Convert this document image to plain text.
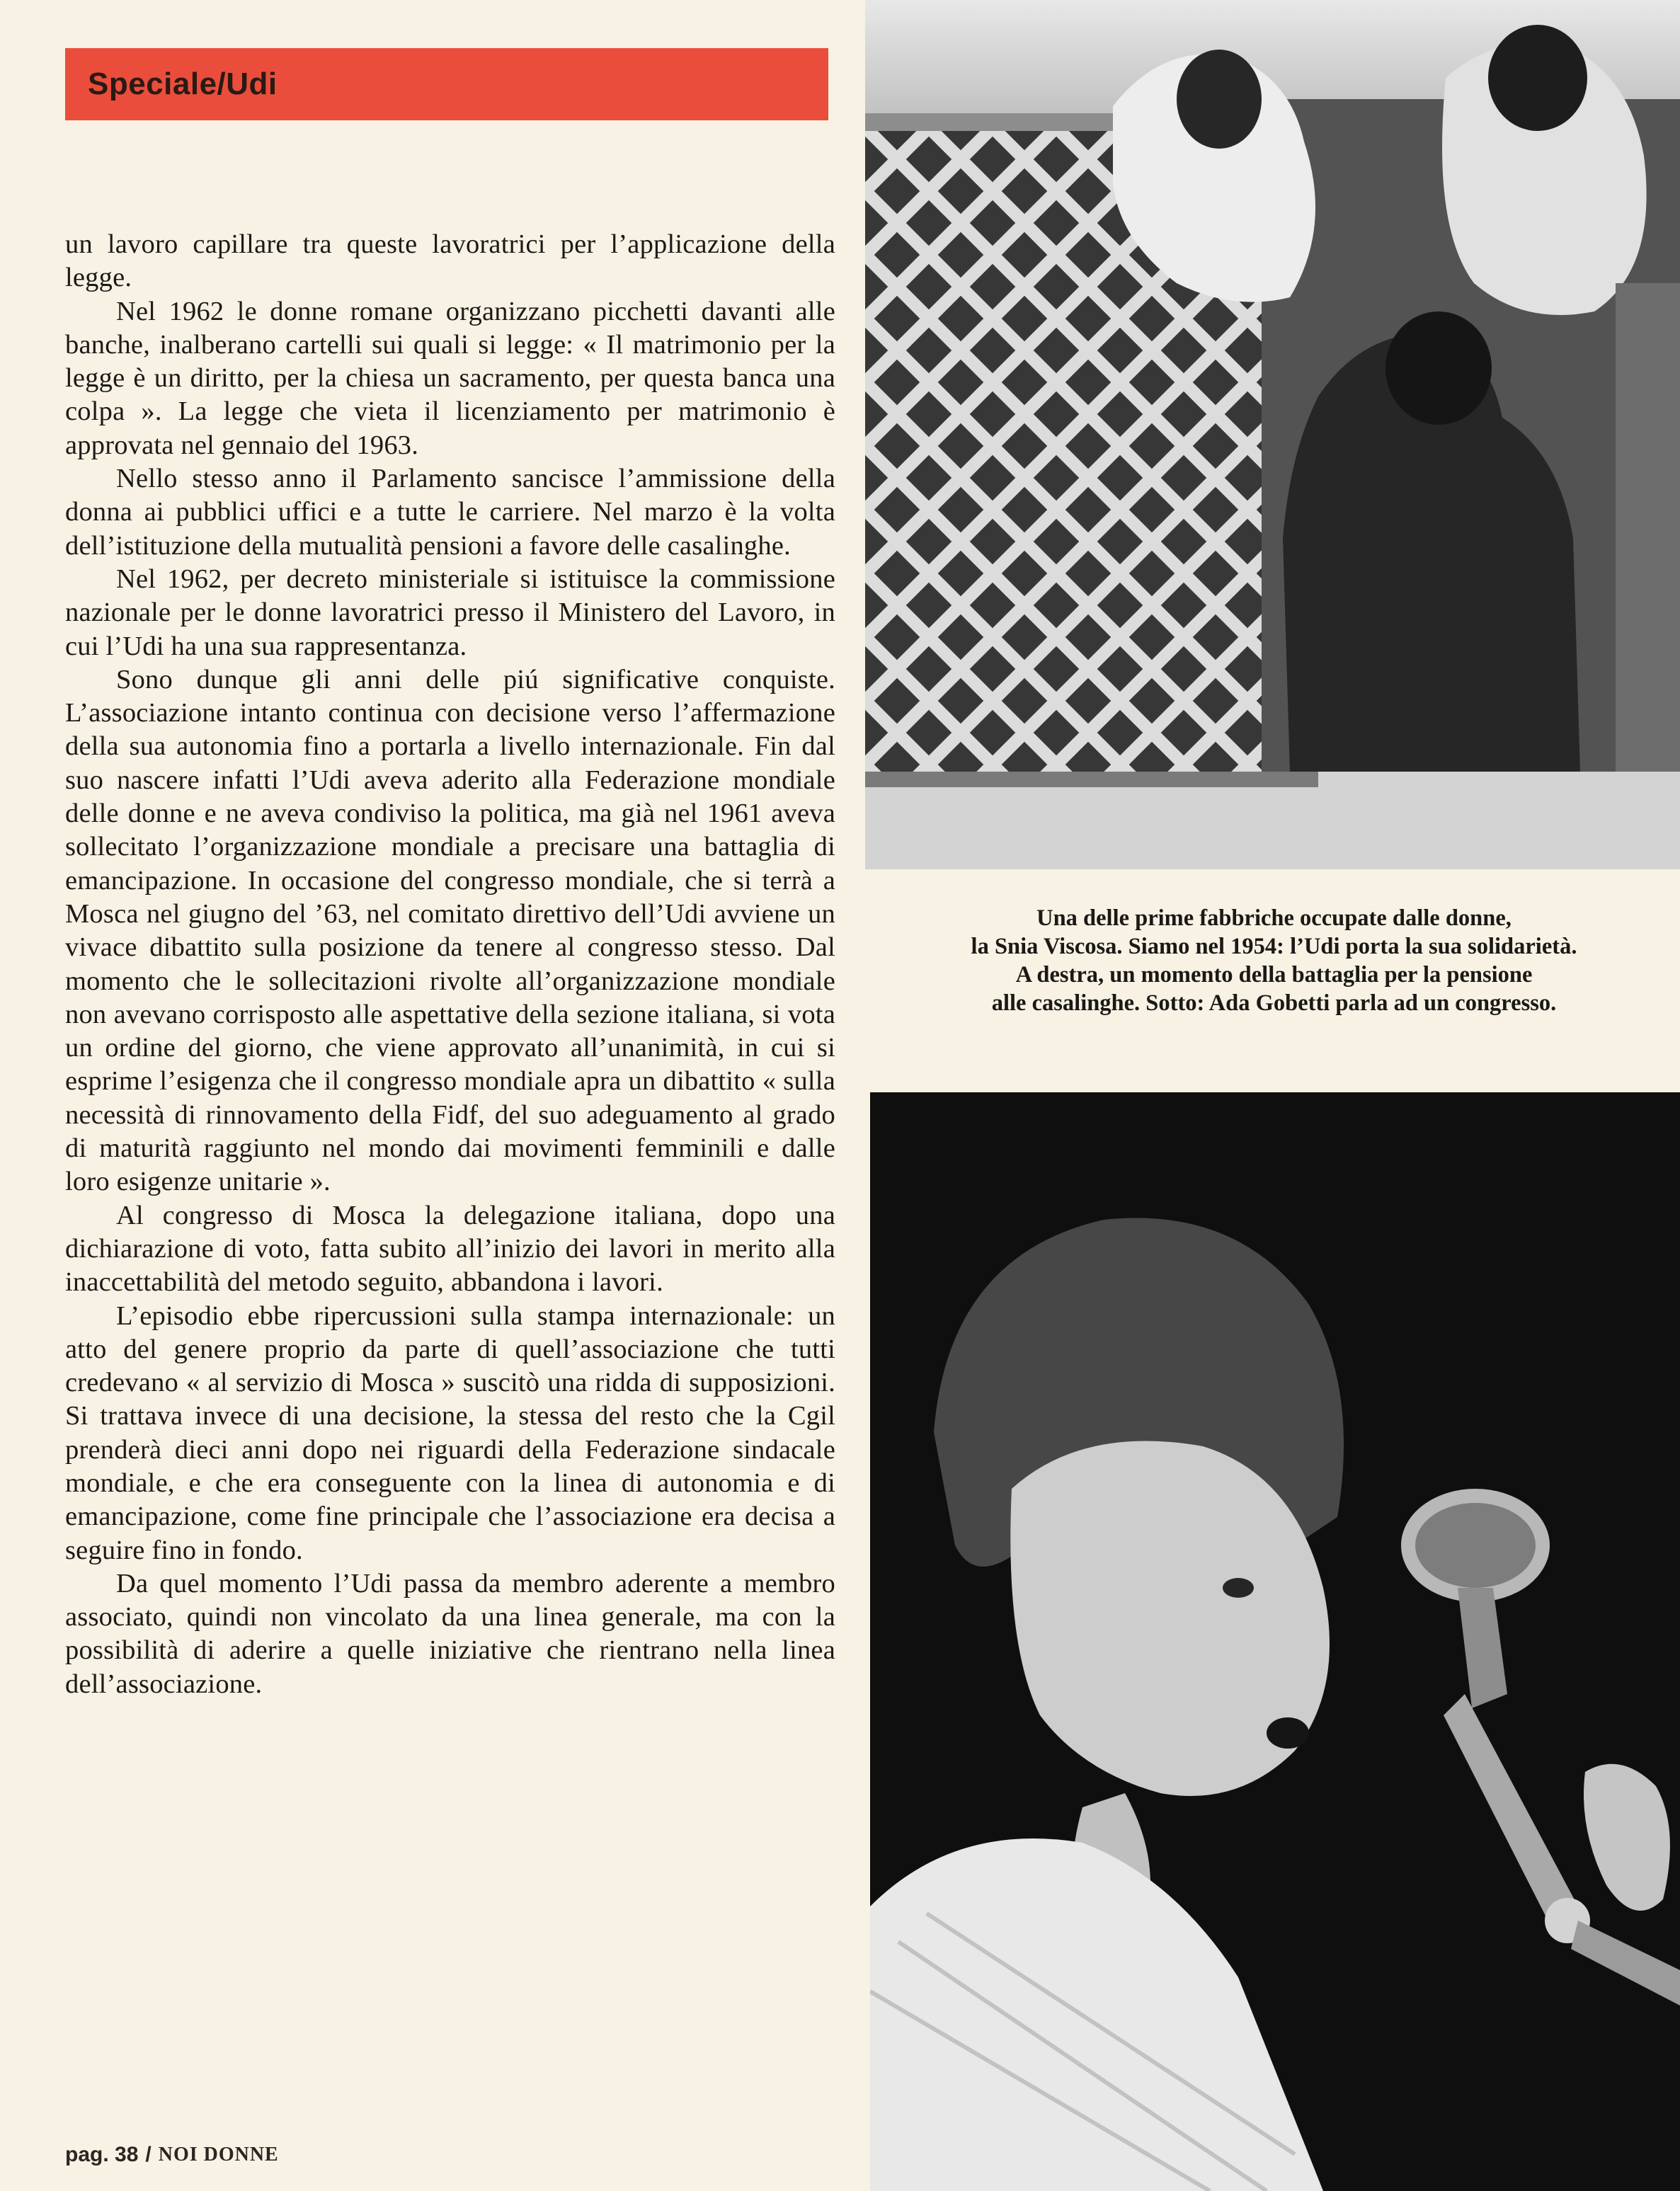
Speciale/Udi

un lavoro capillare tra queste lavoratrici per l’applicazione della legge.

Nel 1962 le donne romane organizzano picchetti davanti alle banche, inalberano cartelli sui quali si legge: « Il matrimonio per la legge è un diritto, per la chiesa un sacramento, per questa banca una colpa ». La legge che vieta il licenziamento per matrimonio è approvata nel gennaio del 1963.

Nello stesso anno il Parlamento sancisce l’ammissione della donna ai pubblici uffici e a tutte le carriere. Nel marzo è la volta dell’istituzione della mutualità pensioni a favore delle casalinghe.

Nel 1962, per decreto ministeriale si istituisce la commissione nazionale per le donne lavoratrici presso il Ministero del Lavoro, in cui l’Udi ha una sua rappresentanza.

Sono dunque gli anni delle piú significative conquiste. L’associazione intanto continua con decisione verso l’affermazione della sua autonomia fino a portarla a livello internazionale. Fin dal suo nascere infatti l’Udi aveva aderito alla Federazione mondiale delle donne e ne aveva condiviso la politica, ma già nel 1961 aveva sollecitato l’organizzazione mondiale a precisare una battaglia di emancipazione. In occasione del congresso mondiale, che si terrà a Mosca nel giugno del ’63, nel comitato direttivo dell’Udi avviene un vivace dibattito sulla posizione da tenere al congresso stesso. Dal momento che le sollecitazioni rivolte all’organizzazione mondiale non avevano corrisposto alle aspettative della sezione italiana, si vota un ordine del giorno, che viene approvato all’unanimità, in cui si esprime l’esigenza che il congresso mondiale apra un dibattito « sulla necessità di rinnovamento della Fidf, del suo adeguamento al grado di maturità raggiunto nel mondo dai movimenti femminili e dalle loro esigenze unitarie ».

Al congresso di Mosca la delegazione italiana, dopo una dichiarazione di voto, fatta subito all’inizio dei lavori in merito alla inaccettabilità del metodo seguito, abbandona i lavori.

L’episodio ebbe ripercussioni sulla stampa internazionale: un atto del genere proprio da parte di quell’associazione che tutti credevano « al servizio di Mosca » suscitò una ridda di supposizioni. Si trattava invece di una decisione, la stessa del resto che la Cgil prenderà dieci anni dopo nei riguardi della Federazione sindacale mondiale, e che era conseguente con la linea di autonomia e di emancipazione, come fine principale che l’associazione era decisa a seguire fino in fondo.

Da quel momento l’Udi passa da membro aderente a membro associato, quindi non vincolato da una linea generale, ma con la possibilità di aderire a quelle iniziative che rientrano nella linea dell’associazione.

Una delle prime fabbriche occupate dalle donne,
la Snia Viscosa. Siamo nel 1954: l’Udi porta la sua solidarietà.
A destra, un momento della battaglia per la pensione
alle casalinghe. Sotto: Ada Gobetti parla ad un congresso.
pag. 38 / NOI DONNE
